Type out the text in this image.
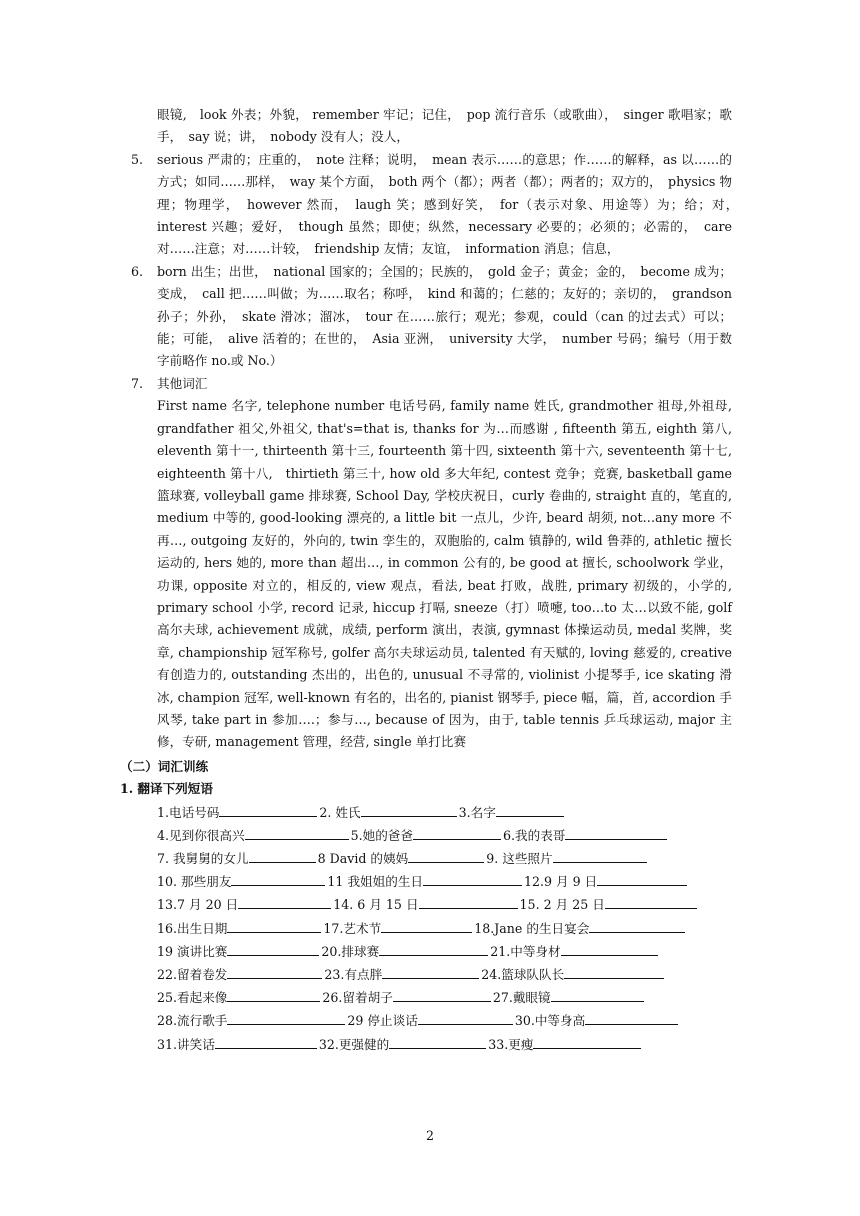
眼镜,　look 外表；外貌， remember 牢记；记住，　pop 流行音乐（或歌曲），　singer 歌唱家；歌手，　say 说；讲，　nobody 没有人；没人，
5.	serious 严肃的；庄重的，　note 注释；说明，　mean 表示……的意思；作……的解释，as 以……的方式；如同……那样，　way 某个方面，　both 两个（都）；两者（都）；两者的；双方的，　physics 物理；物理学，　however 然而，　laugh 笑；感到好笑，　for（表示对象、用途等）为；给；对，　interest 兴趣；爱好，　though 虽然；即使；纵然，necessary 必要的；必须的；必需的，　care 对……注意；对……计较，　friendship 友情；友谊，　information 消息；信息，
6.	born 出生；出世，　national 国家的；全国的；民族的，　gold 金子；黄金；金的，　become 成为；变成，　call 把……叫做；为……取名；称呼，　kind 和蔼的；仁慈的；友好的；亲切的，　grandson 孙子；外孙，　skate 滑冰；溜冰，　tour 在……旅行；观光；参观，could（can 的过去式）可以；能；可能，　alive 活着的；在世的，　Asia 亚洲，　university 大学，　number 号码；编号（用于数字前略作 no.或 No.）
7.	其他词汇
First name 名字, telephone number 电话号码, family name 姓氏, grandmother 祖母,外祖母, grandfather 祖父,外祖父, that's=that is, thanks for 为…而感谢 , fifteenth 第五, eighth 第八, eleventh 第十一, thirteenth 第十三, fourteenth 第十四, sixteenth 第十六, seventeenth 第十七, eighteenth 第十八,　thirtieth 第三十, how old 多大年纪, contest 竞争；竞赛, basketball game 篮球赛, volleyball game 排球赛, School Day, 学校庆祝日，curly 卷曲的, straight 直的，笔直的, medium 中等的, good-looking 漂亮的, a little bit 一点儿，少许, beard 胡须, not…any more 不再…, outgoing 友好的，外向的, twin 孪生的，双胞胎的, calm 镇静的, wild 鲁莽的, athletic 擅长运动的, hers 她的, more than 超出…, in common 公有的, be good at 擅长, schoolwork 学业，功课, opposite 对立的，相反的, view 观点，看法, beat 打败，战胜, primary 初级的，小学的, primary school 小学, record 记录, hiccup 打嗝, sneeze（打）喷嚏, too…to 太…以致不能, golf 高尔夫球, achievement 成就，成绩, perform 演出，表演, gymnast 体操运动员, medal 奖牌，奖章, championship 冠军称号, golfer 高尔夫球运动员, talented 有天赋的, loving 慈爱的, creative 有创造力的, outstanding 杰出的，出色的, unusual 不寻常的, violinist 小提琴手, ice skating 滑冰, champion 冠军, well-known 有名的，出名的, pianist 钢琴手, piece 幅，篇，首, accordion 手风琴, take part in 参加….；参与…, because of 因为，由于, table tennis 乒乓球运动, major 主修，专研, management 管理，经营, single 单打比赛
（二）词汇训练
1. 翻译下列短语
1.电话号码	2. 姓氏	3.名字
4.见到你很高兴	5.她的爸爸	6.我的表哥
7. 我舅舅的女儿	8 David 的姨妈	9. 这些照片
10. 那些朋友	11 我姐姐的生日	12.9 月 9 日
13.7 月 20 日	14. 6 月 15 日	15. 2 月 25 日
16.出生日期	17.艺术节	18.Jane 的生日宴会
19 演讲比赛	20.排球赛	21.中等身材
22.留着卷发	23.有点胖	24.篮球队队长
25.看起来像	26.留着胡子	27.戴眼镜
28.流行歌手	29 停止谈话	30.中等身高
31.讲笑话	32.更强健的	33.更瘦
2
